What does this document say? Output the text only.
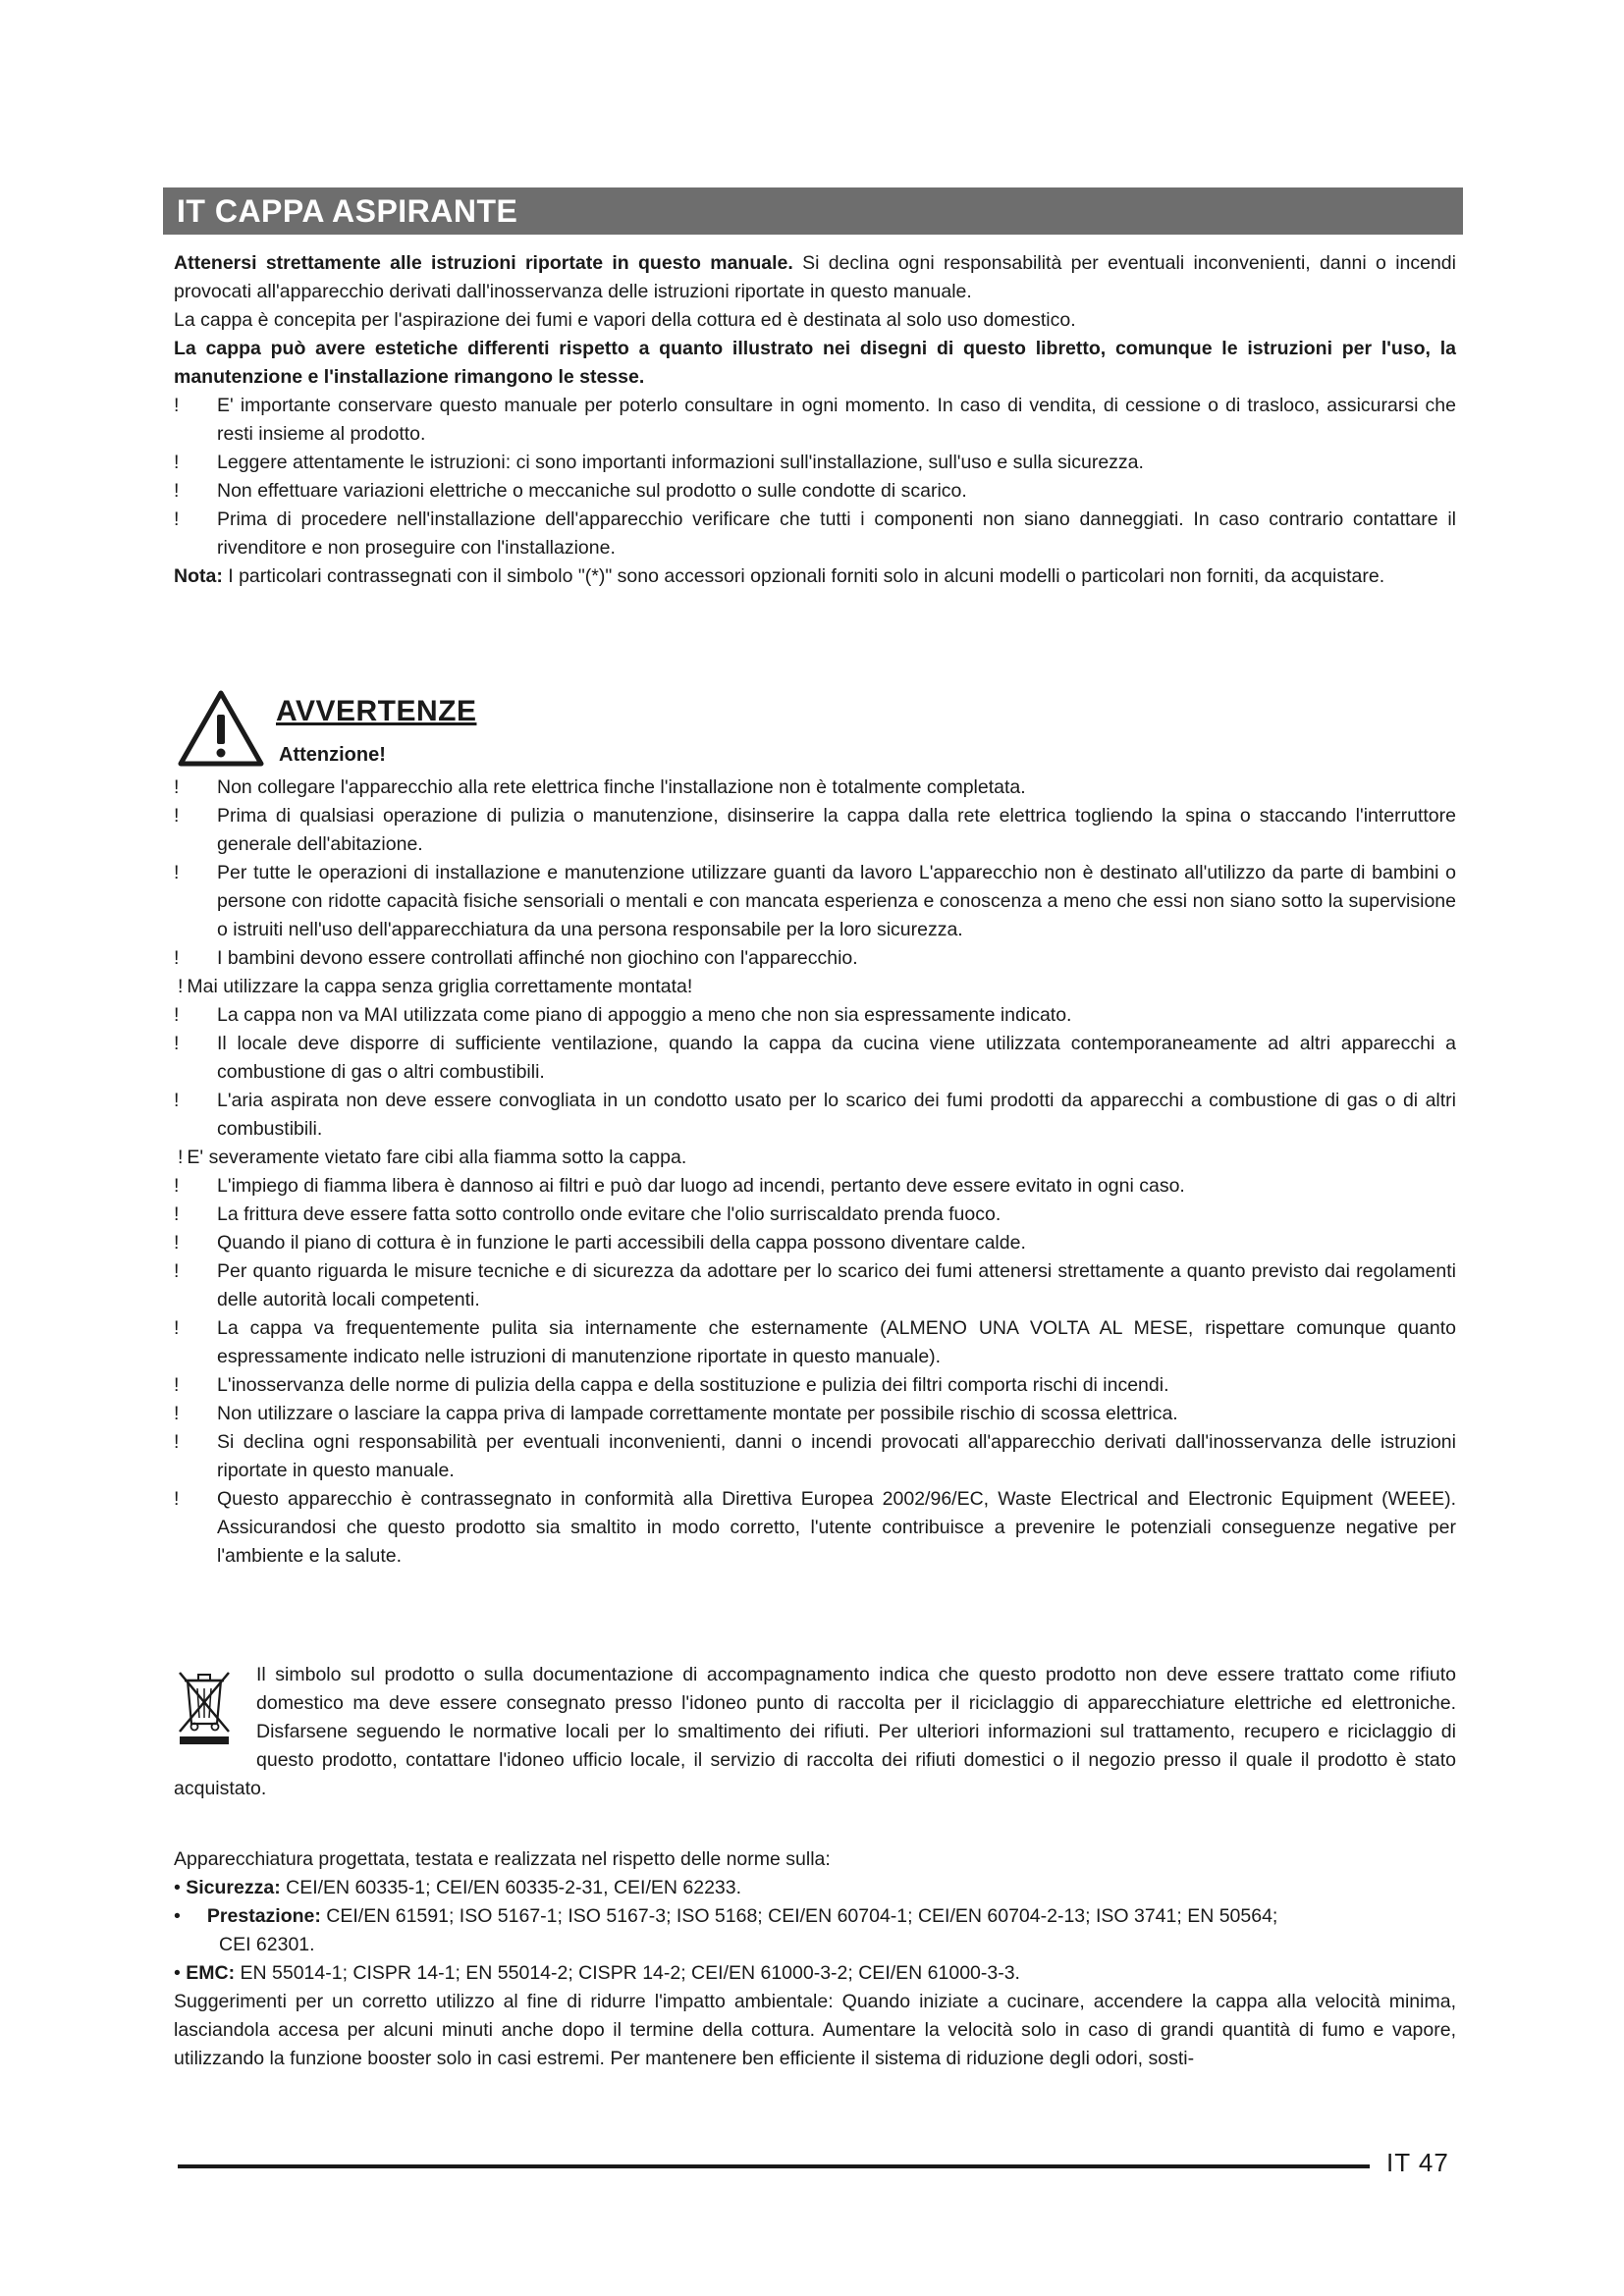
IT CAPPA ASPIRANTE

Attenersi strettamente alle istruzioni riportate in questo manuale. Si declina ogni responsabilità per eventuali inconvenienti, danni o incendi provocati all'apparecchio derivati dall'inosservanza delle istruzioni riportate in questo manuale.

La cappa è concepita per l'aspirazione dei fumi e vapori della cottura ed è destinata al solo uso domestico.

La cappa può avere estetiche differenti rispetto a quanto illustrato nei disegni di questo libretto, comunque le istruzioni per l'uso, la manutenzione e l'installazione rimangono le stesse.

!	E' importante conservare questo manuale per poterlo consultare in ogni momento. In caso di vendita, di cessione o di trasloco, assicurarsi che resti insieme al prodotto.
!	Leggere attentamente le istruzioni: ci sono importanti informazioni sull'installazione, sull'uso e sulla sicurezza.
!	Non effettuare variazioni elettriche o meccaniche sul prodotto o sulle condotte di scarico.
!	Prima di procedere nell'installazione dell'apparecchio verificare che tutti i componenti non siano danneggiati. In caso contrario contattare il rivenditore e non proseguire con l'installazione.

Nota: I particolari contrassegnati con il simbolo "(*)" sono accessori opzionali forniti solo in alcuni modelli o particolari non forniti, da acquistare.

AVVERTENZE
Attenzione!
!	Non collegare l'apparecchio alla rete elettrica finche l'installazione non è totalmente completata.
!	Prima di qualsiasi operazione di pulizia o manutenzione, disinserire la cappa dalla rete elettrica togliendo la spina o staccando l'interruttore generale dell'abitazione.
!	Per tutte le operazioni di installazione e manutenzione utilizzare guanti da lavoro L'apparecchio non è destinato all'utilizzo da parte di bambini o persone con ridotte capacità fisiche sensoriali o mentali e con mancata esperienza e conoscenza a meno che essi non siano sotto la supervisione o istruiti nell'uso dell'apparecchiatura da una persona responsabile per la loro sicurezza.
!	I bambini devono essere controllati affinché non giochino con l'apparecchio.
! Mai utilizzare la cappa senza griglia correttamente montata!
!	La cappa non va MAI utilizzata come piano di appoggio a meno che non sia espressamente indicato.
!	Il locale deve disporre di sufficiente ventilazione, quando la cappa da cucina viene utilizzata contemporaneamente ad altri apparecchi a combustione di gas o altri combustibili.
!	L'aria aspirata non deve essere convogliata in un condotto usato per lo scarico dei fumi prodotti da apparecchi a combustione di gas o di altri combustibili.
! E' severamente vietato fare cibi alla fiamma sotto la cappa.
!	L'impiego di fiamma libera è dannoso ai filtri e può dar luogo ad incendi, pertanto deve essere evitato in ogni caso.
!	La frittura deve essere fatta sotto controllo onde evitare che l'olio surriscaldato prenda fuoco.
!	Quando il piano di cottura è in funzione le parti accessibili della cappa possono diventare calde.
!	Per quanto riguarda le misure tecniche e di sicurezza da adottare per lo scarico dei fumi attenersi strettamente a quanto previsto dai regolamenti delle autorità locali competenti.
!	La cappa va frequentemente pulita sia internamente che esternamente (ALMENO UNA VOLTA AL MESE, rispettare comunque quanto espressamente indicato nelle istruzioni di manutenzione riportate in questo manuale).
!	L'inosservanza delle norme di pulizia della cappa e della sostituzione e pulizia dei filtri comporta rischi di incendi.
!	Non utilizzare o lasciare la cappa priva di lampade correttamente montate per possibile rischio di scossa elettrica.
!	Si declina ogni responsabilità per eventuali inconvenienti, danni o incendi provocati all'apparecchio derivati dall'inosservanza delle istruzioni riportate in questo manuale.
!	Questo apparecchio è contrassegnato in conformità alla Direttiva Europea 2002/96/EC, Waste Electrical and Electronic Equipment (WEEE). Assicurandosi che questo prodotto sia smaltito in modo corretto, l'utente contribuisce a prevenire le potenziali conseguenze negative per l'ambiente e la salute.

Il simbolo sul prodotto o sulla documentazione di accompagnamento indica che questo prodotto non deve essere trattato come rifiuto domestico ma deve essere consegnato presso l'idoneo punto di raccolta per il riciclaggio di apparecchiature elettriche ed elettroniche. Disfarsene seguendo le normative locali per lo smaltimento dei rifiuti. Per ulteriori informazioni sul trattamento, recupero e riciclaggio di questo prodotto, contattare l'idoneo ufficio locale, il servizio di raccolta dei rifiuti domestici o il negozio presso il quale il prodotto è stato acquistato.

Apparecchiatura progettata, testata e realizzata nel rispetto delle norme sulla:

• Sicurezza: CEI/EN 60335-1; CEI/EN 60335-2-31, CEI/EN 62233.

• Prestazione: CEI/EN 61591; ISO 5167-1; ISO 5167-3; ISO 5168; CEI/EN 60704-1; CEI/EN 60704-2-13; ISO 3741; EN 50564;

CEI 62301.

• EMC: EN 55014-1; CISPR 14-1; EN 55014-2; CISPR 14-2; CEI/EN 61000-3-2; CEI/EN 61000-3-3.

Suggerimenti per un corretto utilizzo al fine di ridurre l'impatto ambientale: Quando iniziate a cucinare, accendere la cappa alla velocità minima, lasciandola accesa per alcuni minuti anche dopo il termine della cottura. Aumentare la velocità solo in caso di grandi quantità di fumo e vapore, utilizzando la funzione booster solo in casi estremi. Per mantenere ben efficiente il sistema di riduzione degli odori, sosti-

IT 47
